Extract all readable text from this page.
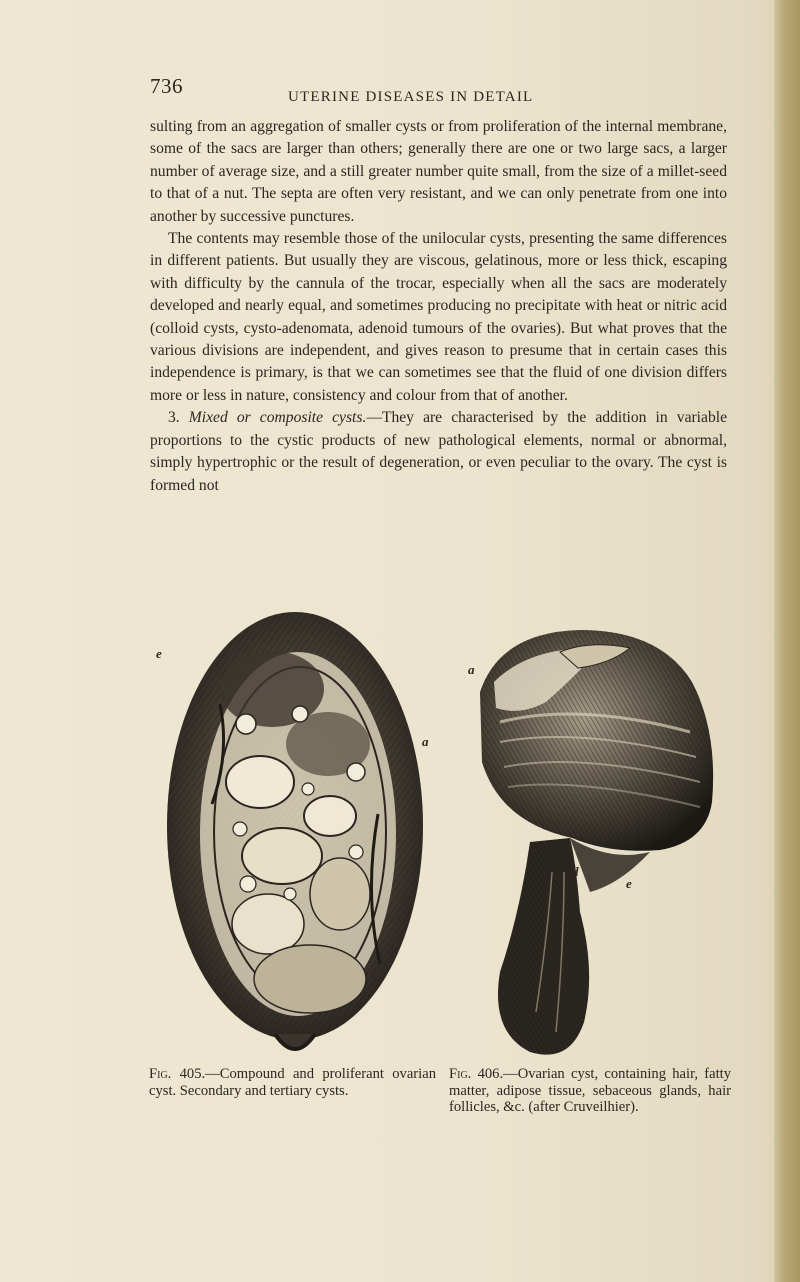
736	UTERINE DISEASES IN DETAIL

sulting from an aggregation of smaller cysts or from proliferation of the internal membrane, some of the sacs are larger than others; generally there are one or two large sacs, a larger number of average size, and a still greater number quite small, from the size of a millet-seed to that of a nut. The septa are often very resistant, and we can only penetrate from one into another by successive punctures.

The contents may resemble those of the unilocular cysts, presenting the same differences in different patients. But usually they are viscous, gelatinous, more or less thick, escaping with difficulty by the cannula of the trocar, especially when all the sacs are moderately developed and nearly equal, and sometimes producing no precipitate with heat or nitric acid (colloid cysts, cysto-adenomata, adenoid tumours of the ovaries). But what proves that the various divisions are independent, and gives reason to presume that in certain cases this independence is primary, is that we can sometimes see that the fluid of one division differs more or less in nature, consistency and colour from that of another.

3. Mixed or composite cysts.—They are characterised by the addition in variable proportions to the cystic products of new pathological elements, normal or abnormal, simply hypertrophic or the result of degeneration, or even peculiar to the ovary. The cyst is formed not

e
a
a
a
d
e
Fig. 405.—Compound and proliferant ovarian cyst. Secondary and tertiary cysts.
Fig. 406.—Ovarian cyst, containing hair, fatty matter, adipose tissue, sebaceous glands, hair follicles, &c. (after Cruveilhier).
